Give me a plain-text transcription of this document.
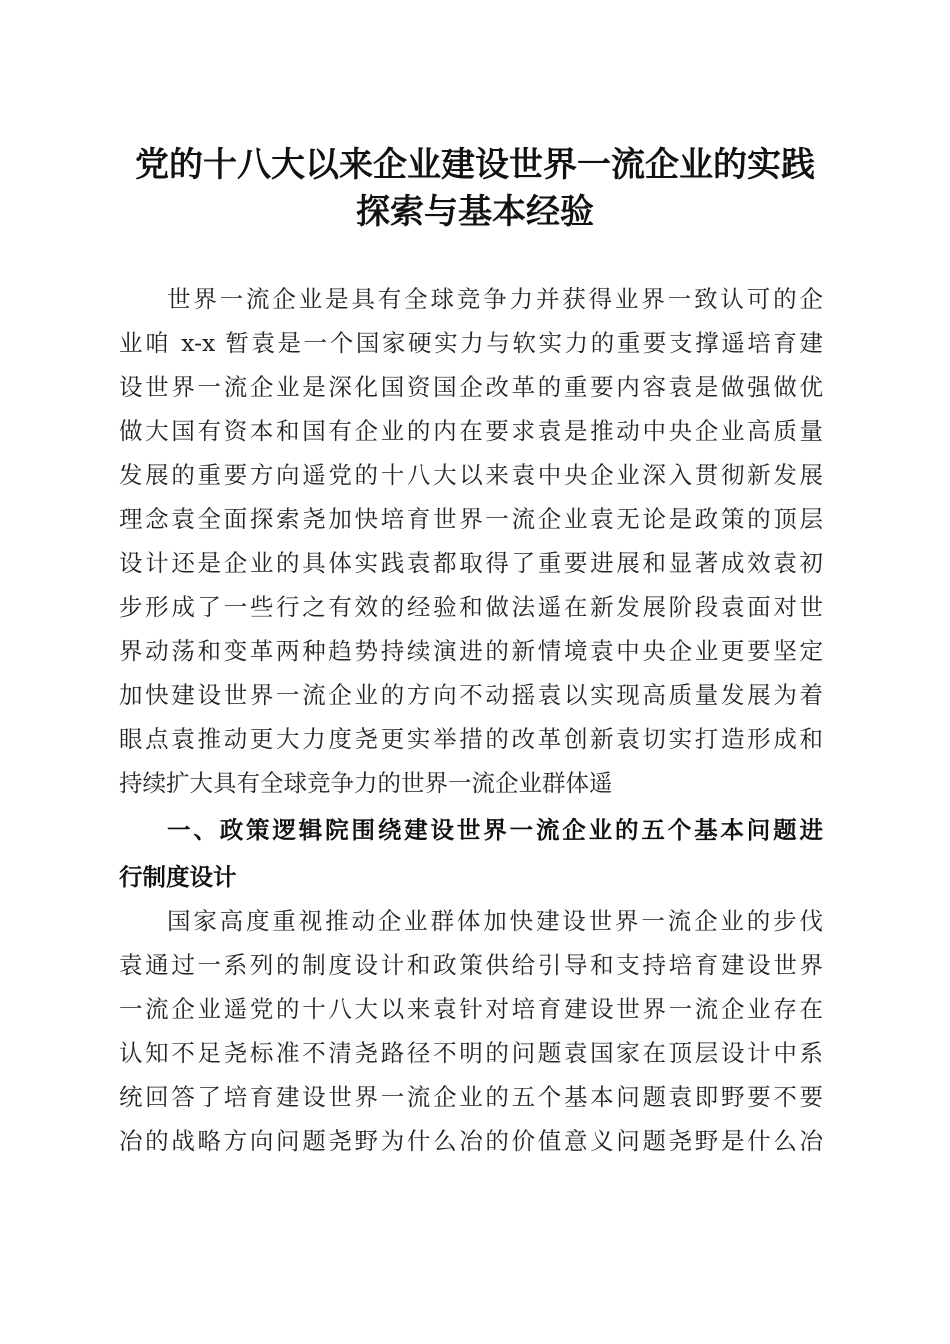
党的十八大以来企业建设世界一流企业的实践
探索与基本经验
世界一流企业是具有全球竞争力并获得业界一致认可的企
业咱 x-x 暂袁是一个国家硬实力与软实力的重要支撑遥培育建
设世界一流企业是深化国资国企改革的重要内容袁是做强做优
做大国有资本和国有企业的内在要求袁是推动中央企业高质量
发展的重要方向遥党的十八大以来袁中央企业深入贯彻新发展
理念袁全面探索尧加快培育世界一流企业袁无论是政策的顶层
设计还是企业的具体实践袁都取得了重要进展和显著成效袁初
步形成了一些行之有效的经验和做法遥在新发展阶段袁面对世
界动荡和变革两种趋势持续演进的新情境袁中央企业更要坚定
加快建设世界一流企业的方向不动摇袁以实现高质量发展为着
眼点袁推动更大力度尧更实举措的改革创新袁切实打造形成和
持续扩大具有全球竞争力的世界一流企业群体遥
一、政策逻辑院围绕建设世界一流企业的五个基本问题进
行制度设计
国家高度重视推动企业群体加快建设世界一流企业的步伐
袁通过一系列的制度设计和政策供给引导和支持培育建设世界
一流企业遥党的十八大以来袁针对培育建设世界一流企业存在
认知不足尧标准不清尧路径不明的问题袁国家在顶层设计中系
统回答了培育建设世界一流企业的五个基本问题袁即野要不要
冶的战略方向问题尧野为什么冶的价值意义问题尧野是什么冶
